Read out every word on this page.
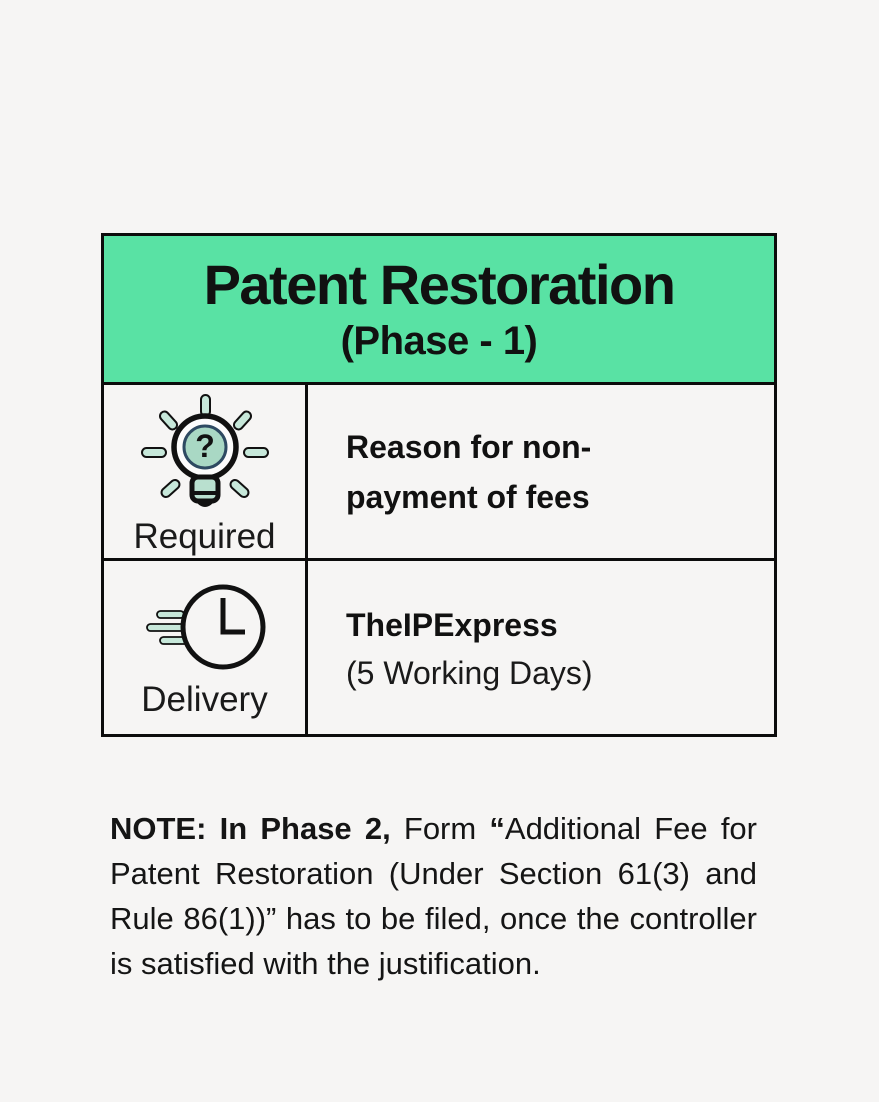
Patent Restoration
(Phase - 1)
?
Required
Reason for non-payment of fees
Delivery
TheIPExpress
(5 Working Days)

NOTE: In Phase 2, Form “Additional Fee for Patent Restoration (Under Section 61(3) and Rule 86(1))” has to be filed, once the controller is satisfied with the justification.
